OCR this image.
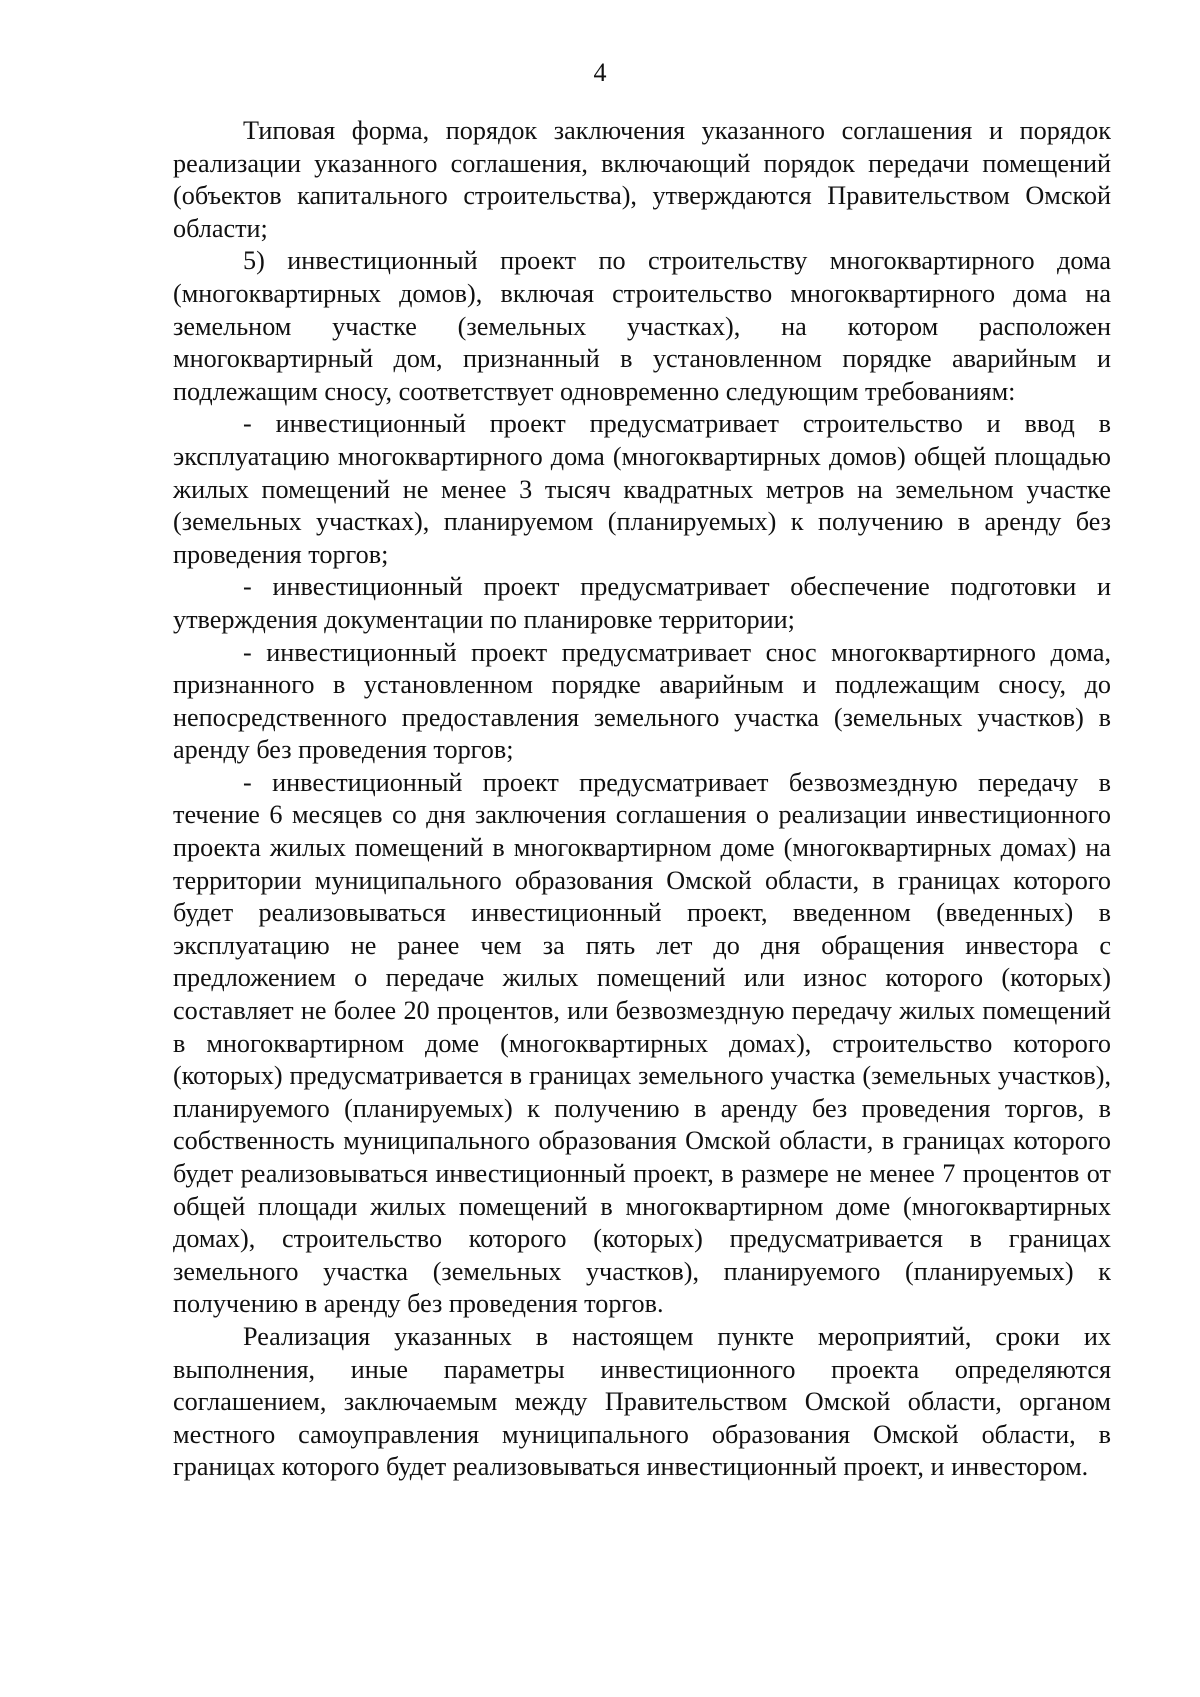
4

Типовая форма, порядок заключения указанного соглашения и порядок реализации указанного соглашения, включающий порядок передачи помещений (объектов капитального строительства), утверждаются Правительством Омской области;

5) инвестиционный проект по строительству многоквартирного дома (многоквартирных домов), включая строительство многоквартирного дома на земельном участке (земельных участках), на котором расположен многоквартирный дом, признанный в установленном порядке аварийным и подлежащим сносу, соответствует одновременно следующим требованиям:

- инвестиционный проект предусматривает строительство и ввод в эксплуатацию многоквартирного дома (многоквартирных домов) общей площадью жилых помещений не менее 3 тысяч квадратных метров на земельном участке (земельных участках), планируемом (планируемых) к получению в аренду без проведения торгов;

- инвестиционный проект предусматривает обеспечение подготовки и утверждения документации по планировке территории;

- инвестиционный проект предусматривает снос многоквартирного дома, признанного в установленном порядке аварийным и подлежащим сносу, до непосредственного предоставления земельного участка (земельных участков) в аренду без проведения торгов;

- инвестиционный проект предусматривает безвозмездную передачу в течение 6 месяцев со дня заключения соглашения о реализации инвестиционного проекта жилых помещений в многоквартирном доме (многоквартирных домах) на территории муниципального образования Омской области, в границах которого будет реализовываться инвестиционный проект, введенном (введенных) в эксплуатацию не ранее чем за пять лет до дня обращения инвестора с предложением о передаче жилых помещений или износ которого (которых) составляет не более 20 процентов, или безвозмездную передачу жилых помещений в многоквартирном доме (многоквартирных домах), строительство которого (которых) предусматривается в границах земельного участка (земельных участков), планируемого (планируемых) к получению в аренду без проведения торгов, в собственность муниципального образования Омской области, в границах которого будет реализовываться инвестиционный проект, в размере не менее 7 процентов от общей площади жилых помещений в многоквартирном доме (многоквартирных домах), строительство которого (которых) предусматривается в границах земельного участка (земельных участков), планируемого (планируемых) к получению в аренду без проведения торгов.

Реализация указанных в настоящем пункте мероприятий, сроки их выполнения, иные параметры инвестиционного проекта определяются соглашением, заключаемым между Правительством Омской области, органом местного самоуправления муниципального образования Омской области, в границах которого будет реализовываться инвестиционный проект, и инвестором.
